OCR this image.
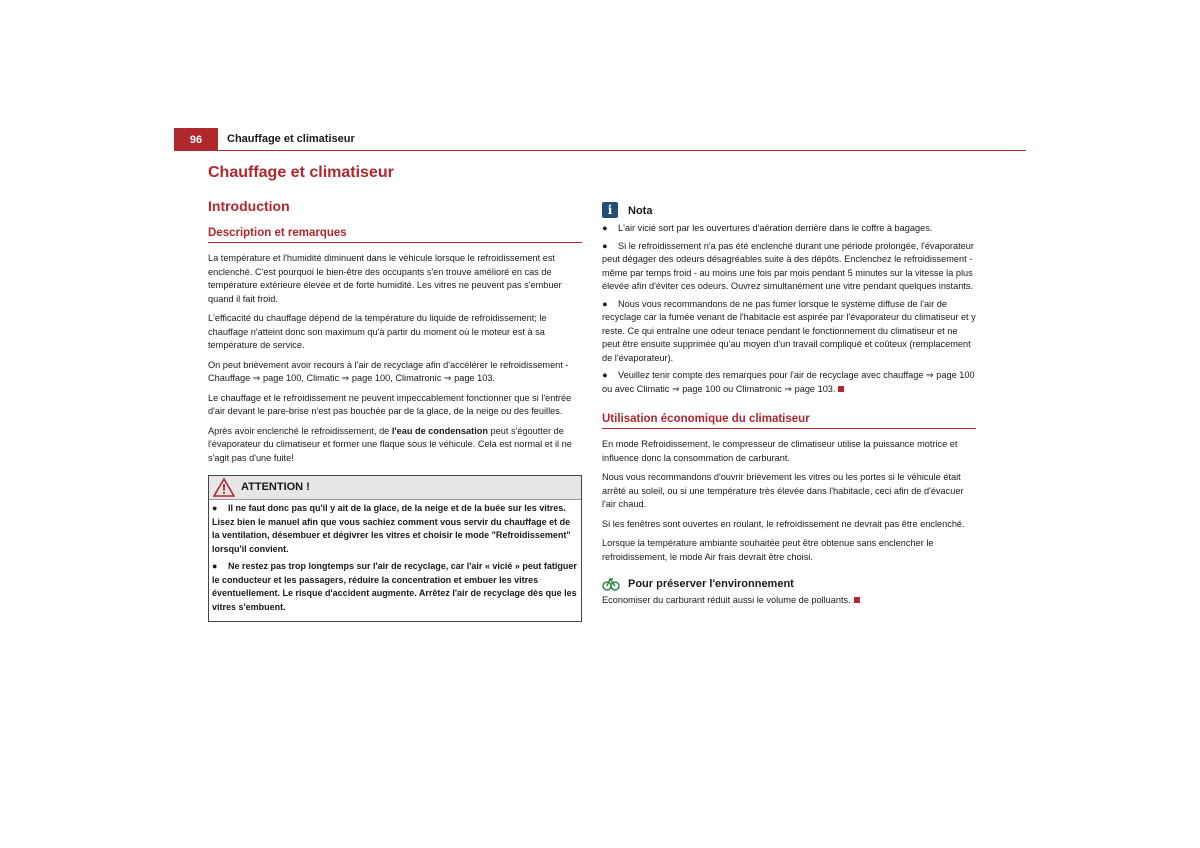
96	Chauffage et climatiseur
Chauffage et climatiseur
Introduction
Description et remarques

La température et l'humidité diminuent dans le véhicule lorsque le refroidissement est enclenché. C'est pourquoi le bien-être des occupants s'en trouve amélioré en cas de température extérieure élevée et de forte humidité. Les vitres ne peuvent pas s'embuer quand il fait froid.

L'efficacité du chauffage dépend de la température du liquide de refroidissement; le chauffage n'atteint donc son maximum qu'à partir du moment où le moteur est à sa température de service.

On peut brièvement avoir recours à l'air de recyclage afin d'accélérer le refroidissement - Chauffage ⇒ page 100, Climatic ⇒ page 100, Climatronic ⇒ page 103.

Le chauffage et le refroidissement ne peuvent impeccablement fonctionner que si l'entrée d'air devant le pare-brise n'est pas bouchée par de la glace, de la neige ou des feuilles.

Après avoir enclenché le refroidissement, de l'eau de condensation peut s'égoutter de l'évaporateur du climatiseur et former une flaque sous le véhicule. Cela est normal et il ne s'agit pas d'une fuite!

ATTENTION !

● Il ne faut donc pas qu'il y ait de la glace, de la neige et de la buée sur les vitres. Lisez bien le manuel afin que vous sachiez comment vous servir du chauffage et de la ventilation, désembuer et dégivrer les vitres et choisir le mode "Refroidissement" lorsqu'il convient.

● Ne restez pas trop longtemps sur l'air de recyclage, car l'air « vicié » peut fatiguer le conducteur et les passagers, réduire la concentration et embuer les vitres éventuellement. Le risque d'accident augmente. Arrêtez l'air de recyclage dès que les vitres s'embuent.

i	Nota

● L'air vicié sort par les ouvertures d'aération derrière dans le coffre à bagages.

● Si le refroidissement n'a pas été enclenché durant une période prolongée, l'évaporateur peut dégager des odeurs désagréables suite à des dépôts. Enclenchez le refroidissement - même par temps froid - au moins une fois par mois pendant 5 minutes sur la vitesse la plus élevée afin d'éviter ces odeurs. Ouvrez simultanément une vitre pendant quelques instants.

● Nous vous recommandons de ne pas fumer lorsque le système diffuse de l'air de recyclage car la fumée venant de l'habitacle est aspirée par l'évaporateur du climatiseur et y reste. Ce qui entraîne une odeur tenace pendant le fonctionnement du climatiseur et ne peut être ensuite supprimée qu'au moyen d'un travail compliqué et coûteux (remplacement de l'évaporateur).

● Veuillez tenir compte des remarques pour l'air de recyclage avec chauffage ⇒ page 100 ou avec Climatic ⇒ page 100 ou Climatronic ⇒ page 103.

Utilisation économique du climatiseur

En mode Refroidissement, le compresseur de climatiseur utilise la puissance motrice et influence donc la consommation de carburant.

Nous vous recommandons d'ouvrir brièvement les vitres ou les portes si le véhicule était arrêté au soleil, ou si une température très élevée dans l'habitacle, ceci afin de d'évacuer l'air chaud.

Si les fenêtres sont ouvertes en roulant, le refroidissement ne devrait pas être enclenché.

Lorsque la température ambiante souhaitée peut être obtenue sans enclencher le refroidissement, le mode Air frais devrait être choisi.

Pour préserver l'environnement

Economiser du carburant réduit aussi le volume de polluants.
